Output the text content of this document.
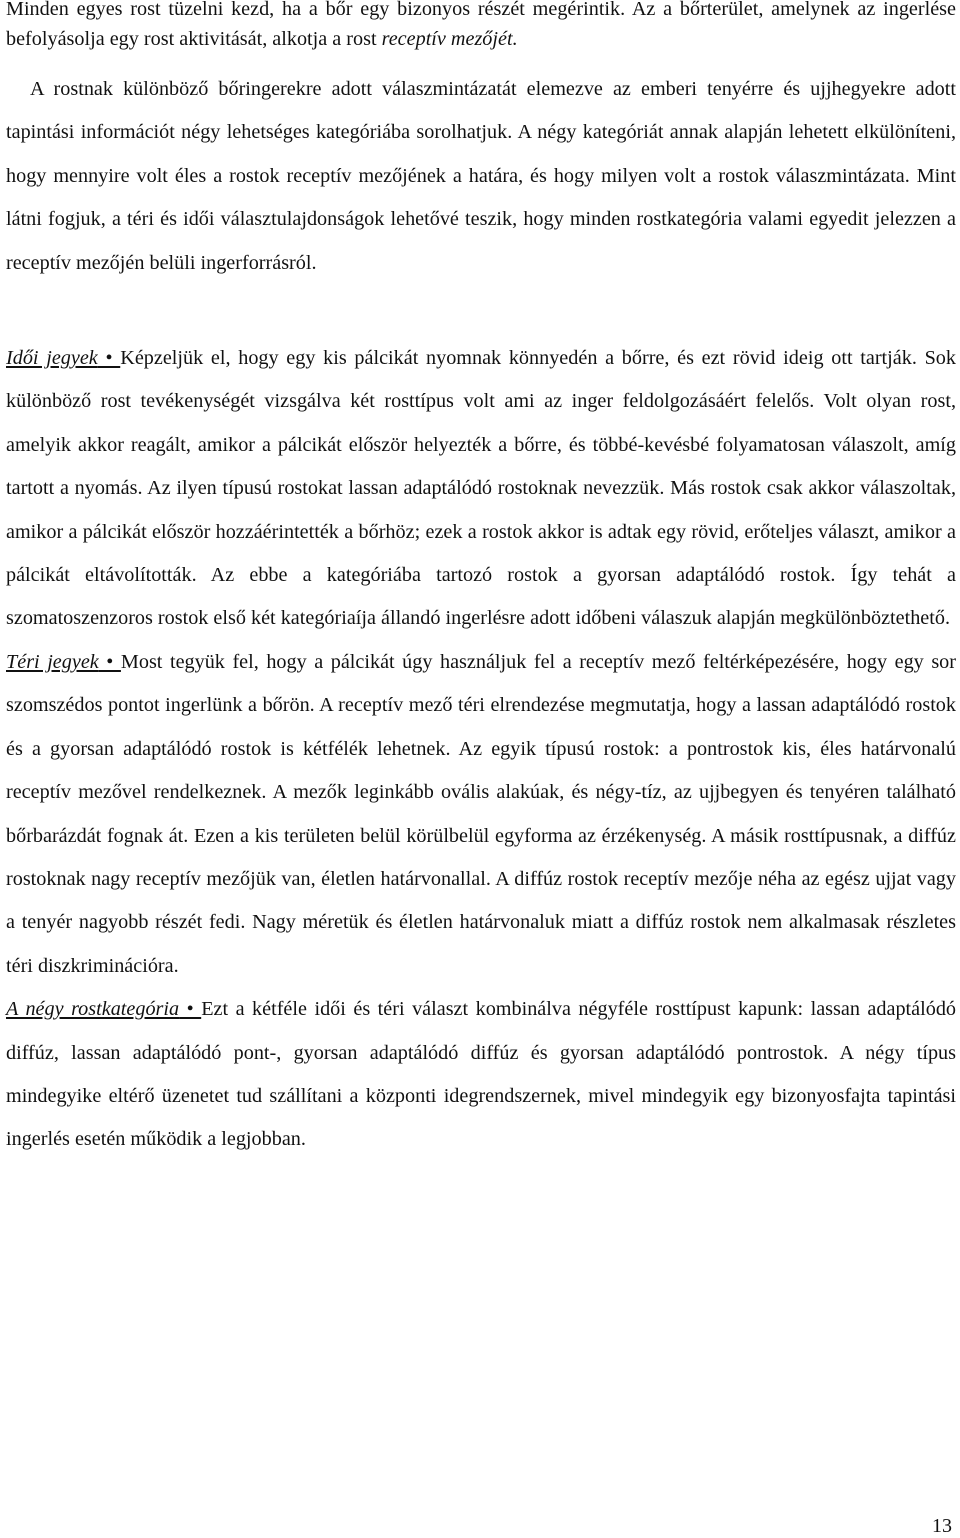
Minden egyes rost tüzelni kezd, ha a bőr egy bizonyos részét megérintik. Az a bőrterület, amelynek az ingerlése befolyásolja egy rost aktivitását, alkotja a rost receptív mezőjét.

A rostnak különböző bőringerekre adott válaszmintázatát elemezve az emberi tenyérre és ujjhegyekre adott tapintási információt négy lehetséges kategóriába sorolhatjuk. A négy kategóriát annak alapján lehetett elkülöníteni, hogy mennyire volt éles a rostok receptív mezőjének a határa, és hogy milyen volt a rostok válaszmintázata. Mint látni fogjuk, a téri és idői választulajdonságok lehetővé teszik, hogy minden rostkategória valami egyedit jelezzen a receptív mezőjén belüli ingerforrásról.

Idői jegyek • Képzeljük el, hogy egy kis pálcikát nyomnak könnyedén a bőrre, és ezt rövid ideig ott tartják. Sok különböző rost tevékenységét vizsgálva két rosttípus volt ami az inger feldolgozásáért felelős. Volt olyan rost, amelyik akkor reagált, amikor a pálcikát először helyezték a bőrre, és többé-kevésbé folyamatosan válaszolt, amíg tartott a nyomás. Az ilyen típusú rostokat lassan adaptálódó rostoknak nevezzük. Más rostok csak akkor válaszoltak, amikor a pálcikát először hozzáérintették a bőrhöz; ezek a rostok akkor is adtak egy rövid, erőteljes választ, amikor a pálcikát eltávolították. Az ebbe a kategóriába tartozó rostok a gyorsan adaptálódó rostok. Így tehát a szomatoszenzoros rostok első két kategóriaíja állandó ingerlésre adott időbeni válaszuk alapján megkülönböztethető.

Téri jegyek • Most tegyük fel, hogy a pálcikát úgy használjuk fel a receptív mező feltérképezésére, hogy egy sor szomszédos pontot ingerlünk a bőrön. A receptív mező téri elrendezése megmutatja, hogy a lassan adaptálódó rostok és a gyorsan adaptálódó rostok is kétfélék lehetnek. Az egyik típusú rostok: a pontrostok kis, éles határvonalú receptív mezővel rendelkeznek. A mezők leginkább ovális alakúak, és négy-tíz, az ujjbegyen és tenyéren található bőrbarázdát fognak át. Ezen a kis területen belül körülbelül egyforma az érzékenység. A másik rosttípusnak, a diffúz rostoknak nagy receptív mezőjük van, életlen határvonallal. A diffúz rostok receptív mezője néha az egész ujjat vagy a tenyér nagyobb részét fedi. Nagy méretük és életlen határvonaluk miatt a diffúz rostok nem alkalmasak részletes téri diszkriminációra.

A négy rostkategória • Ezt a kétféle idői és téri választ kombinálva négyféle rosttípust kapunk: lassan adaptálódó diffúz, lassan adaptálódó pont-, gyorsan adaptálódó diffúz és gyorsan adaptálódó pontrostok. A négy típus mindegyike eltérő üzenetet tud szállítani a központi idegrendszernek, mivel mindegyik egy bizonyosfajta tapintási ingerlés esetén működik a legjobban.

13
